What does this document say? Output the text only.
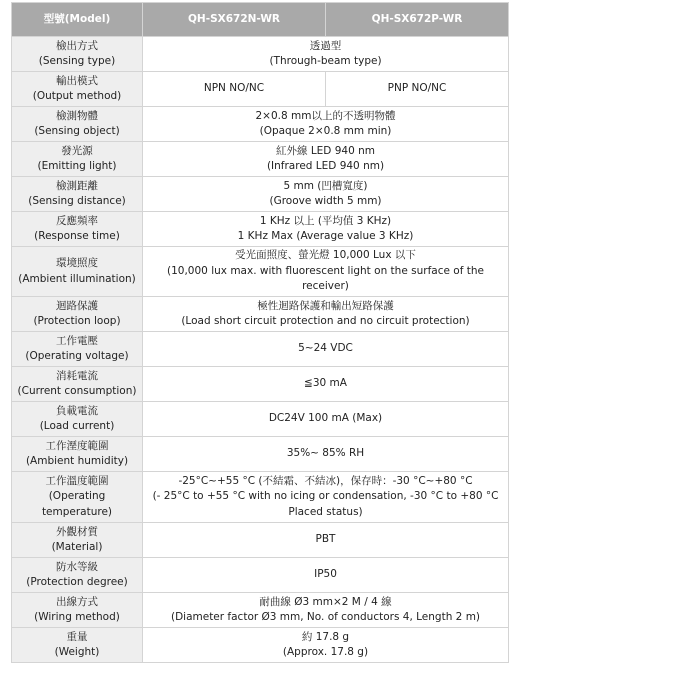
型號(Model)	QH-SX672N-WR	QH-SX672P-WR

檢出方式
(Sensing type)	透過型
(Through-beam type)	

輸出模式
(Output method)	NPN NO/NC	PNP NO/NC

檢測物體
(Sensing object)	2×0.8 mm以上的不透明物體
(Opaque 2×0.8 mm min)	

發光源
(Emitting light)	紅外線 LED 940 nm
(Infrared LED 940 nm)	

檢測距離
(Sensing distance)	5 mm (凹槽寬度)
(Groove width 5 mm)	

反應頻率
(Response time)	1 KHz 以上 (平均值 3 KHz)
1 KHz Max (Average value 3 KHz)	

環境照度
(Ambient illumination)	受光面照度、螢光燈 10,000 Lux 以下
(10,000 lux max. with fluorescent light on the surface of the
receiver)	

迴路保護
(Protection loop)	極性迴路保護和輸出短路保護
(Load short circuit protection and no circuit protection)	

工作電壓
(Operating voltage)	5~24 VDC	

消耗電流
(Current consumption)	≦30 mA	

負載電流
(Load current)	DC24V 100 mA (Max)	

工作溼度範圍
(Ambient humidity)	35%~ 85% RH	

工作溫度範圍
(Operating
temperature)	-25°C~+55 °C (不結霜、不結冰)，保存時：-30 °C~+80 °C
(- 25°C to +55 °C with no icing or condensation, -30 °C to +80 °C
Placed status)	

外觀材質
(Material)	PBT	

防水等級
(Protection degree)	IP50	

出線方式
(Wiring method)	耐曲線 Ø3 mm×2 M / 4 線
(Diameter factor Ø3 mm, No. of conductors 4, Length 2 m)	

重量
(Weight)	約 17.8 g
(Approx. 17.8 g)	
